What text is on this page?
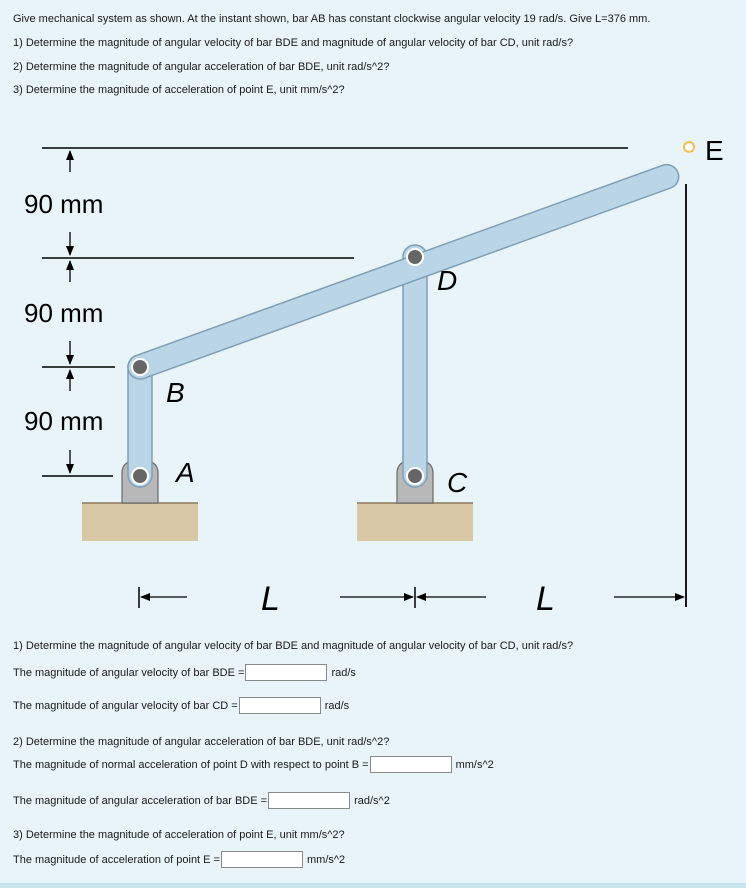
Give mechanical system as shown. At the instant shown, bar AB has constant clockwise angular velocity 19 rad/s. Give L=376 mm.
1) Determine the magnitude of angular velocity of bar BDE and magnitude of angular velocity of bar CD, unit rad/s?
2) Determine the magnitude of angular acceleration of bar BDE, unit rad/s^2?
3) Determine the magnitude of acceleration of point E, unit mm/s^2?
90 mm
90 mm
90 mm
A
B
C
D
E
L	L
1) Determine the magnitude of angular velocity of bar BDE and magnitude of angular velocity of bar CD, unit rad/s?
The magnitude of angular velocity of bar BDE =	rad/s
The magnitude of angular velocity of bar CD =	rad/s
2) Determine the magnitude of angular acceleration of bar BDE, unit rad/s^2?
The magnitude of normal acceleration of point D with respect to point B =	mm/s^2
The magnitude of angular acceleration of bar BDE =	rad/s^2
3) Determine the magnitude of acceleration of point E, unit mm/s^2?
The magnitude of acceleration of point E =	mm/s^2
